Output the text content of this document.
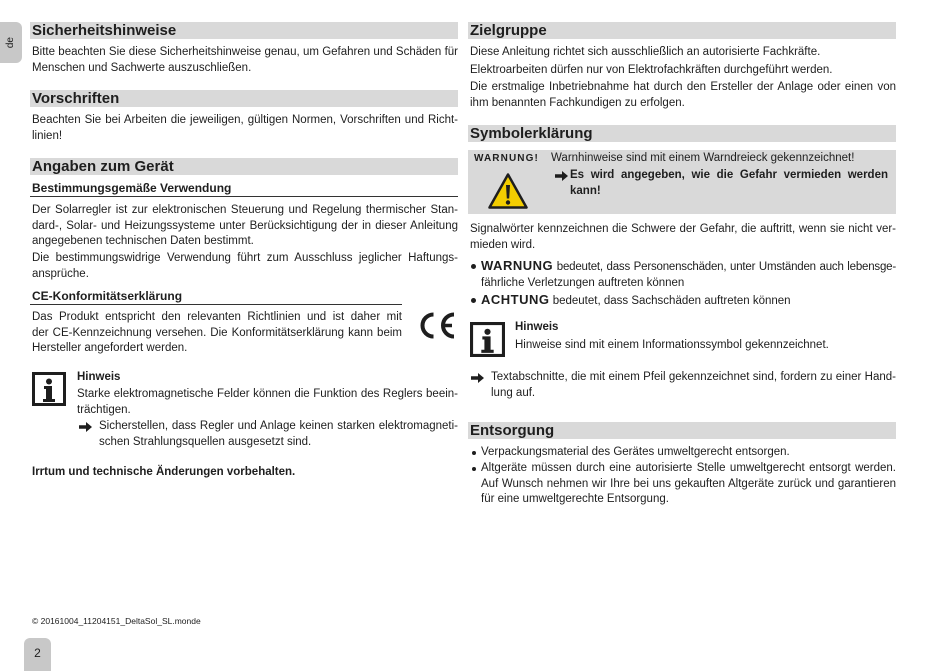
de
Sicherheitshinweise
Bitte beachten Sie diese Sicherheitshinweise genau, um Gefahren und Schäden für
Menschen und Sachwerte auszuschließen.
Vorschriften
Beachten Sie bei Arbeiten die jeweiligen, gültigen Normen, Vorschriften und Richt-
linien!
Angaben zum Gerät
Bestimmungsgemäße Verwendung
Der Solarregler ist zur elektronischen Steuerung und Regelung thermischer Stan-
dard-, Solar- und Heizungssysteme unter Berücksichtigung der in dieser Anleitung
angegebenen technischen Daten bestimmt.
Die bestimmungswidrige Verwendung führt zum Ausschluss jeglicher Haftungs-
ansprüche.
CE-Konformitätserklärung
Das Produkt entspricht den relevanten Richtlinien und ist daher mit
der CE-Kennzeichnung versehen. Die Konformitätserklärung kann beim
Hersteller angefordert werden.
Hinweis
Starke elektromagnetische Felder können die Funktion des Reglers beein-
trächtigen.
Sicherstellen, dass Regler und Anlage keinen starken elektromagneti-
schen Strahlungsquellen ausgesetzt sind.
Irrtum und technische Änderungen vorbehalten.
Zielgruppe
Diese Anleitung richtet sich ausschließlich an autorisierte Fachkräfte.
Elektroarbeiten dürfen nur von Elektrofachkräften durchgeführt werden.
Die erstmalige Inbetriebnahme hat durch den Ersteller der Anlage oder einen von
ihm benannten Fachkundigen zu erfolgen.
Symbolerklärung
WARNUNG! Warnhinweise sind mit einem Warndreieck gekennzeichnet!
Es wird angegeben, wie die Gefahr vermieden werden
kann!
Signalwörter kennzeichnen die Schwere der Gefahr, die auftritt, wenn sie nicht ver-
mieden wird.
WARNUNG bedeutet, dass Personenschäden, unter Umständen auch lebensge-
fährliche Verletzungen auftreten können
ACHTUNG bedeutet, dass Sachschäden auftreten können
Hinweis
Hinweise sind mit einem Informationssymbol gekennzeichnet.
Textabschnitte, die mit einem Pfeil gekennzeichnet sind, fordern zu einer Hand-
lung auf.
Entsorgung
Verpackungsmaterial des Gerätes umweltgerecht entsorgen.
Altgeräte müssen durch eine autorisierte Stelle umweltgerecht entsorgt werden.
Auf Wunsch nehmen wir Ihre bei uns gekauften Altgeräte zurück und garantieren
für eine umweltgerechte Entsorgung.
© 20161004_11204151_DeltaSol_SL.monde
2
